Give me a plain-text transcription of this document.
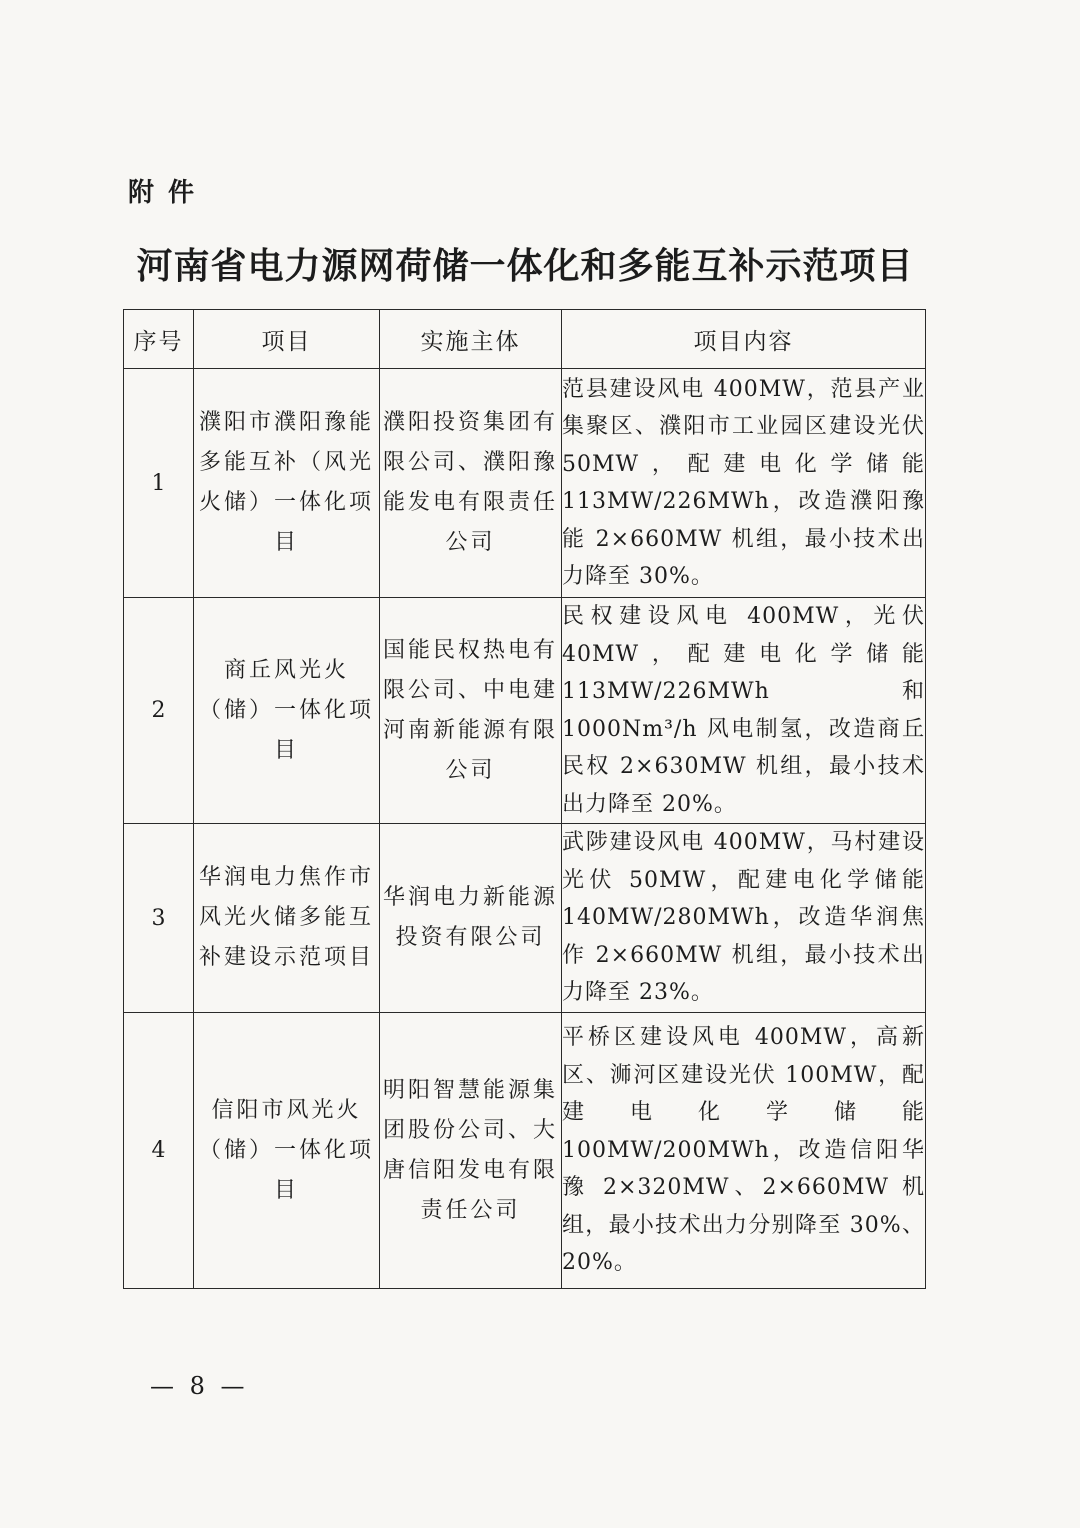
附件
河南省电力源网荷储一体化和多能互补示范项目
序号	项目	实施主体	项目内容
1	濮阳市濮阳豫能多能互补（风光火储）一体化项目	濮阳投资集团有限公司、濮阳豫能发电有限责任公司	范县建设风电 400MW，范县产业集聚区、濮阳市工业园区建设光伏 50MW，配建电化学储能 113MW/226MWh，改造濮阳豫能 2×660MW 机组，最小技术出力降至 30%。
2	商丘风光火（储）一体化项目	国能民权热电有限公司、中电建河南新能源有限公司	民权建设风电 400MW，光伏 40MW，配建电化学储能 113MW/226MWh 和 1000Nm³/h 风电制氢，改造商丘民权 2×630MW 机组，最小技术出力降至 20%。
3	华润电力焦作市风光火储多能互补建设示范项目	华润电力新能源投资有限公司	武陟建设风电 400MW，马村建设光伏 50MW，配建电化学储能 140MW/280MWh，改造华润焦作 2×660MW 机组，最小技术出力降至 23%。
4	信阳市风光火（储）一体化项目	明阳智慧能源集团股份公司、大唐信阳发电有限责任公司	平桥区建设风电 400MW，高新区、浉河区建设光伏 100MW，配建电化学储能 100MW/200MWh，改造信阳华豫 2×320MW、2×660MW 机组，最小技术出力分别降至 30%、20%。
— 8 —
